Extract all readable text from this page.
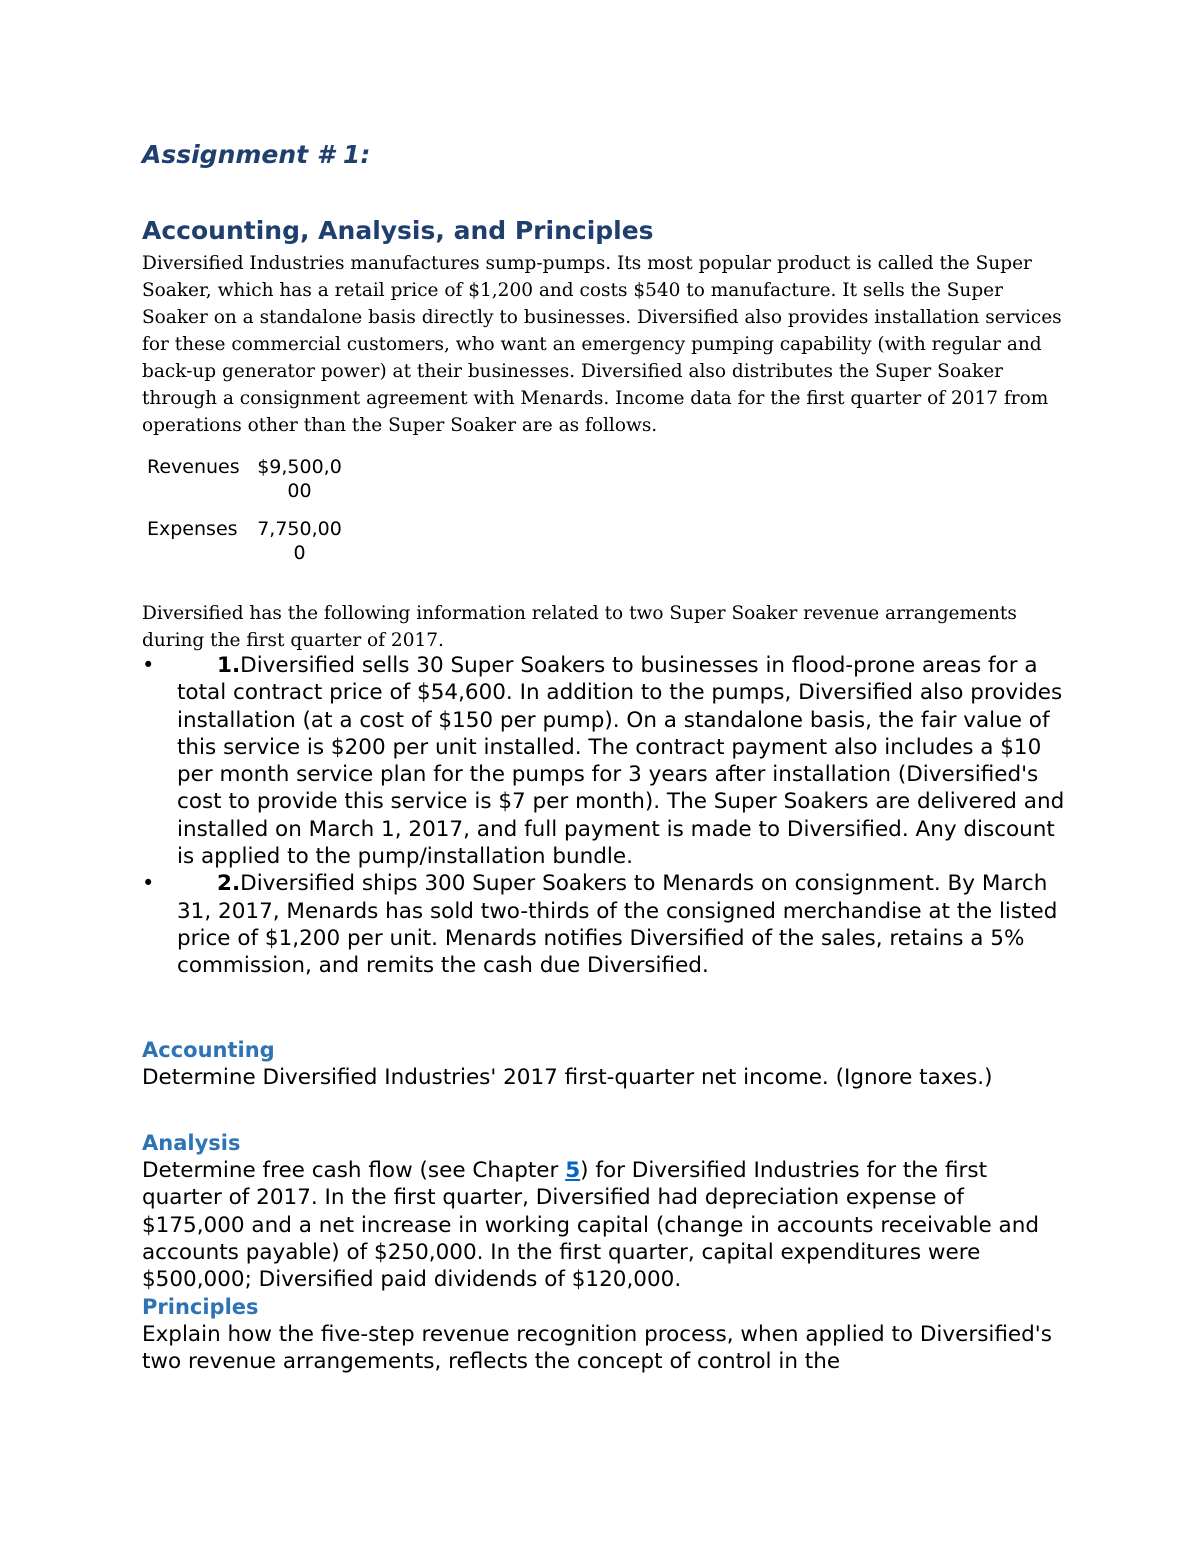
Assignment # 1:
Accounting, Analysis, and Principles

Diversified Industries manufactures sump-pumps. Its most popular product is called the Super Soaker, which has a retail price of $1,200 and costs $540 to manufacture. It sells the Super Soaker on a standalone basis directly to businesses. Diversified also provides installation services for these commercial customers, who want an emergency pumping capability (with regular and back-up generator power) at their businesses. Diversified also distributes the Super Soaker through a consignment agreement with Menards. Income data for the first quarter of 2017 from operations other than the Super Soaker are as follows.

Revenues	$9,500,000

Expenses	7,750,000

Diversified has the following information related to two Super Soaker revenue arrangements during the first quarter of 2017.

•	1.Diversified sells 30 Super Soakers to businesses in flood-prone areas for a total contract price of $54,600. In addition to the pumps, Diversified also provides installation (at a cost of $150 per pump). On a standalone basis, the fair value of this service is $200 per unit installed. The contract payment also includes a $10 per month service plan for the pumps for 3 years after installation (Diversified's cost to provide this service is $7 per month). The Super Soakers are delivered and installed on March 1, 2017, and full payment is made to Diversified. Any discount is applied to the pump/installation bundle.
•	2.Diversified ships 300 Super Soakers to Menards on consignment. By March 31, 2017, Menards has sold two-thirds of the consigned merchandise at the listed price of $1,200 per unit. Menards notifies Diversified of the sales, retains a 5% commission, and remits the cash due Diversified.
Accounting

Determine Diversified Industries' 2017 first-quarter net income. (Ignore taxes.)

Analysis

Determine free cash flow (see Chapter 5) for Diversified Industries for the first quarter of 2017. In the first quarter, Diversified had depreciation expense of $175,000 and a net increase in working capital (change in accounts receivable and accounts payable) of $250,000. In the first quarter, capital expenditures were $500,000; Diversified paid dividends of $120,000.

Principles

Explain how the five-step revenue recognition process, when applied to Diversified's two revenue arrangements, reflects the concept of control in the
